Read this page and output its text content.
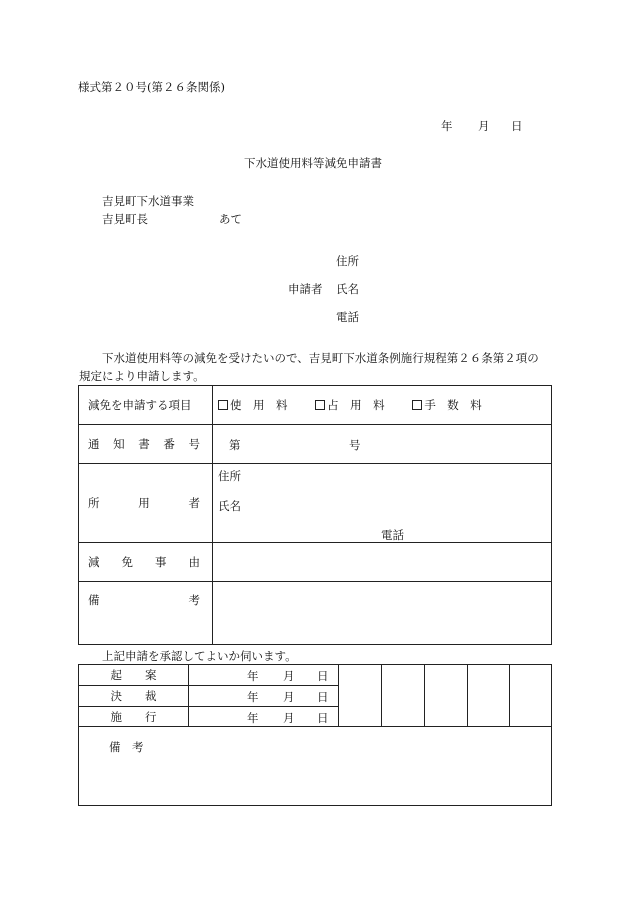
様式第２０号(第２６条関係)
年 月 日
下水道使用料等減免申請書
吉見町下水道事業
吉見町長	あて
住所
申請者 氏名
電話
下水道使用料等の減免を受けたいので、吉見町下水道条例施行規程第２６条第２項の
規定により申請します。
減免を申請する項目	使　用　料 占　用　料 手　数　料

通 知 書 番 号	第 号

所 用 者	住所
氏名
電話

減 免 事 由	

備 考	

上記申請を承認してよいか伺います。
起　　案	年 月 日					

決　　裁	年 月 日					

施　　行	年 月 日					

備　考						
